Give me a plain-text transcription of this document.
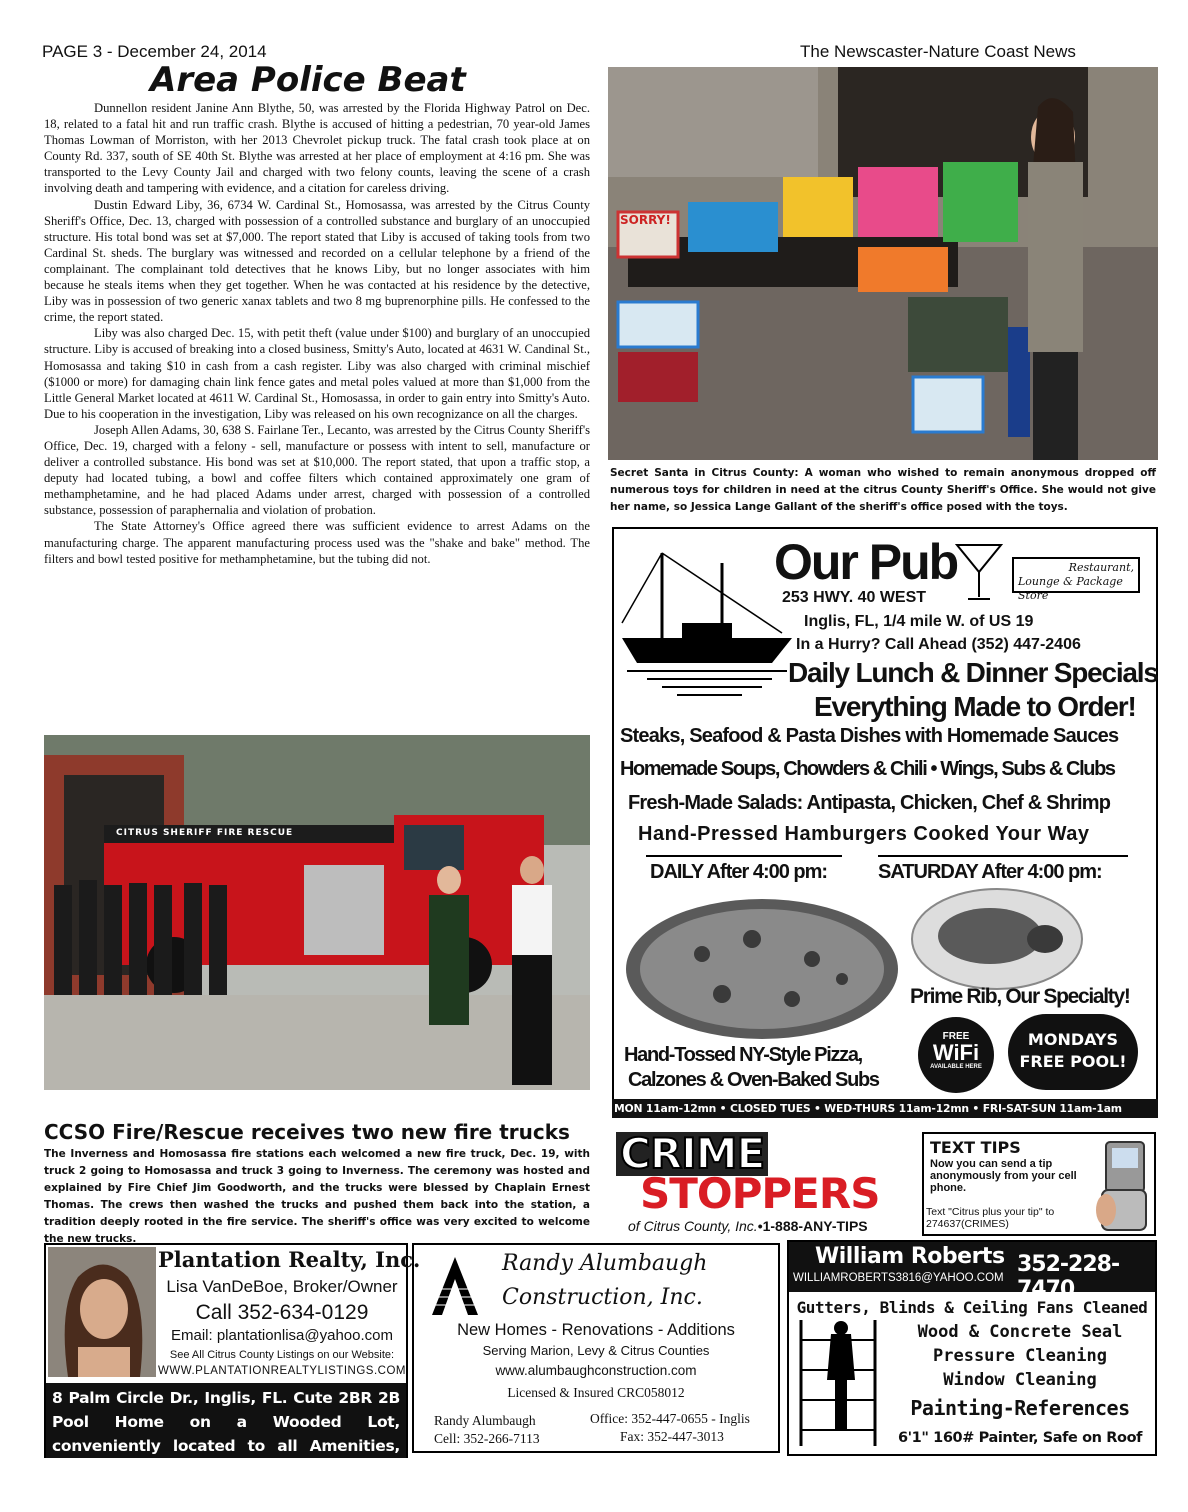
PAGE 3 - December 24, 2014	The Newscaster-Nature Coast News
Area Police Beat

Dunnellon resident Janine Ann Blythe, 50, was arrested by the Florida Highway Patrol on Dec. 18, related to a fatal hit and run traffic crash. Blythe is accused of hitting a pedestrian, 70 year-old James Thomas Lowman of Morriston, with her 2013 Chevrolet pickup truck. The fatal crash took place at on County Rd. 337, south of SE 40th St. Blythe was arrested at her place of employment at 4:16 pm. She was transported to the Levy County Jail and charged with two felony counts, leaving the scene of a crash involving death and tampering with evidence, and a citation for careless driving.

Dustin Edward Liby, 36, 6734 W. Cardinal St., Homosassa, was arrested by the Citrus County Sheriff's Office, Dec. 13, charged with possession of a controlled substance and burglary of an unoccupied structure. His total bond was set at $7,000. The report stated that Liby is accused of taking tools from two Cardinal St. sheds. The burglary was witnessed and recorded on a cellular telephone by a friend of the complainant. The complainant told detectives that he knows Liby, but no longer associates with him because he steals items when they get together. When he was contacted at his residence by the detective, Liby was in possession of two generic xanax tablets and two 8 mg buprenorphine pills. He confessed to the crime, the report stated.

Liby was also charged Dec. 15, with petit theft (value under $100) and burglary of an unoccupied structure. Liby is accused of breaking into a closed business, Smitty's Auto, located at 4631 W. Candinal St., Homosassa and taking $10 in cash from a cash register. Liby was also charged with criminal mischief ($1000 or more) for damaging chain link fence gates and metal poles valued at more than $1,000 from the Little General Market located at 4611 W. Cardinal St., Homosassa, in order to gain entry into Smitty's Auto. Due to his cooperation in the investigation, Liby was released on his own recognizance on all the charges.

Joseph Allen Adams, 30, 638 S. Fairlane Ter., Lecanto, was arrested by the Citrus County Sheriff's Office, Dec. 19, charged with a felony - sell, manufacture or possess with intent to sell, manufacture or deliver a controlled substance. His bond was set at $10,000. The report stated, that upon a traffic stop, a deputy had located tubing, a bowl and coffee filters which contained approximately one gram of methamphetamine, and he had placed Adams under arrest, charged with possession of a controlled substance, possession of paraphernalia and violation of probation.

The State Attorney's Office agreed there was sufficient evidence to arrest Adams on the manufacturing charge. The apparent manufacturing process used was the "shake and bake" method. The filters and bowl tested positive for methamphetamine, but the tubing did not.

SORRY!
Secret Santa in Citrus County: A woman who wished to remain anonymous dropped off numerous toys for children in need at the citrus County Sheriff's Office. She would not give her name, so Jessica Lange Gallant of the sheriff's office posed with the toys.
CITRUS SHERIFF FIRE RESCUE
CCSO Fire/Rescue receives two new fire trucks
The Inverness and Homosassa fire stations each welcomed a new fire truck, Dec. 19, with truck 2 going to Homosassa and truck 3 going to Inverness. The ceremony was hosted and explained by Fire Chief Jim Goodworth, and the trucks were blessed by Chaplain Ernest Thomas. The crews then washed the trucks and pushed them back into the station, a tradition deeply rooted in the fire service. The sheriff's office was very excited to welcome the new trucks.
Our Pub	Restaurant,
Lounge & Package Store
253 HWY. 40 WEST
Inglis, FL, 1/4 mile W. of US 19
In a Hurry? Call Ahead (352) 447-2406
Daily Lunch & Dinner Specials
Everything Made to Order!
Steaks, Seafood & Pasta Dishes with Homemade Sauces
Homemade Soups, Chowders & Chili • Wings, Subs & Clubs
Fresh-Made Salads: Antipasta, Chicken, Chef & Shrimp
Hand-Pressed Hamburgers Cooked Your Way
DAILY After 4:00 pm:	SATURDAY After 4:00 pm:
Prime Rib, Our Specialty!
Hand-Tossed NY-Style Pizza,
Calzones & Oven-Baked Subs
FREE
WiFi
AVAILABLE HERE
MONDAYS
FREE POOL!
MON 11am-12mn • CLOSED TUES • WED-THURS 11am-12mn • FRI-SAT-SUN 11am-1am
CRIME
STOPPERS
of Citrus County, Inc.•1-888-ANY-TIPS
TEXT TIPS
Now you can send a tip anonymously from your cell phone.
Text "Citrus plus your tip" to 274637(CRIMES)
Plantation Realty, Inc.
Lisa VanDeBoe, Broker/Owner
Call 352-634-0129
Email: plantationlisa@yahoo.com
See All Citrus County Listings on our Website:
WWW.PLANTATIONREALTYLISTINGS.COM
8 Palm Circle Dr., Inglis, FL. Cute 2BR 2B Pool Home on a Wooded Lot, conveniently located to all Amenities, ONLY $162,000.
Randy Alumbaugh
Construction, Inc.
New Homes - Renovations - Additions
Serving Marion, Levy & Citrus Counties
www.alumbaughconstruction.com
Licensed & Insured CRC058012
Randy Alumbaugh
Cell: 352-266-7113
Office: 352-447-0655 - Inglis
Fax: 352-447-3013
William Roberts
WILLIAMROBERTS3816@YAHOO.COM
352-228-7470
Gutters, Blinds & Ceiling Fans Cleaned
Wood & Concrete Seal
Pressure Cleaning
Window Cleaning
Painting-References
6'1" 160# Painter, Safe on Roof
